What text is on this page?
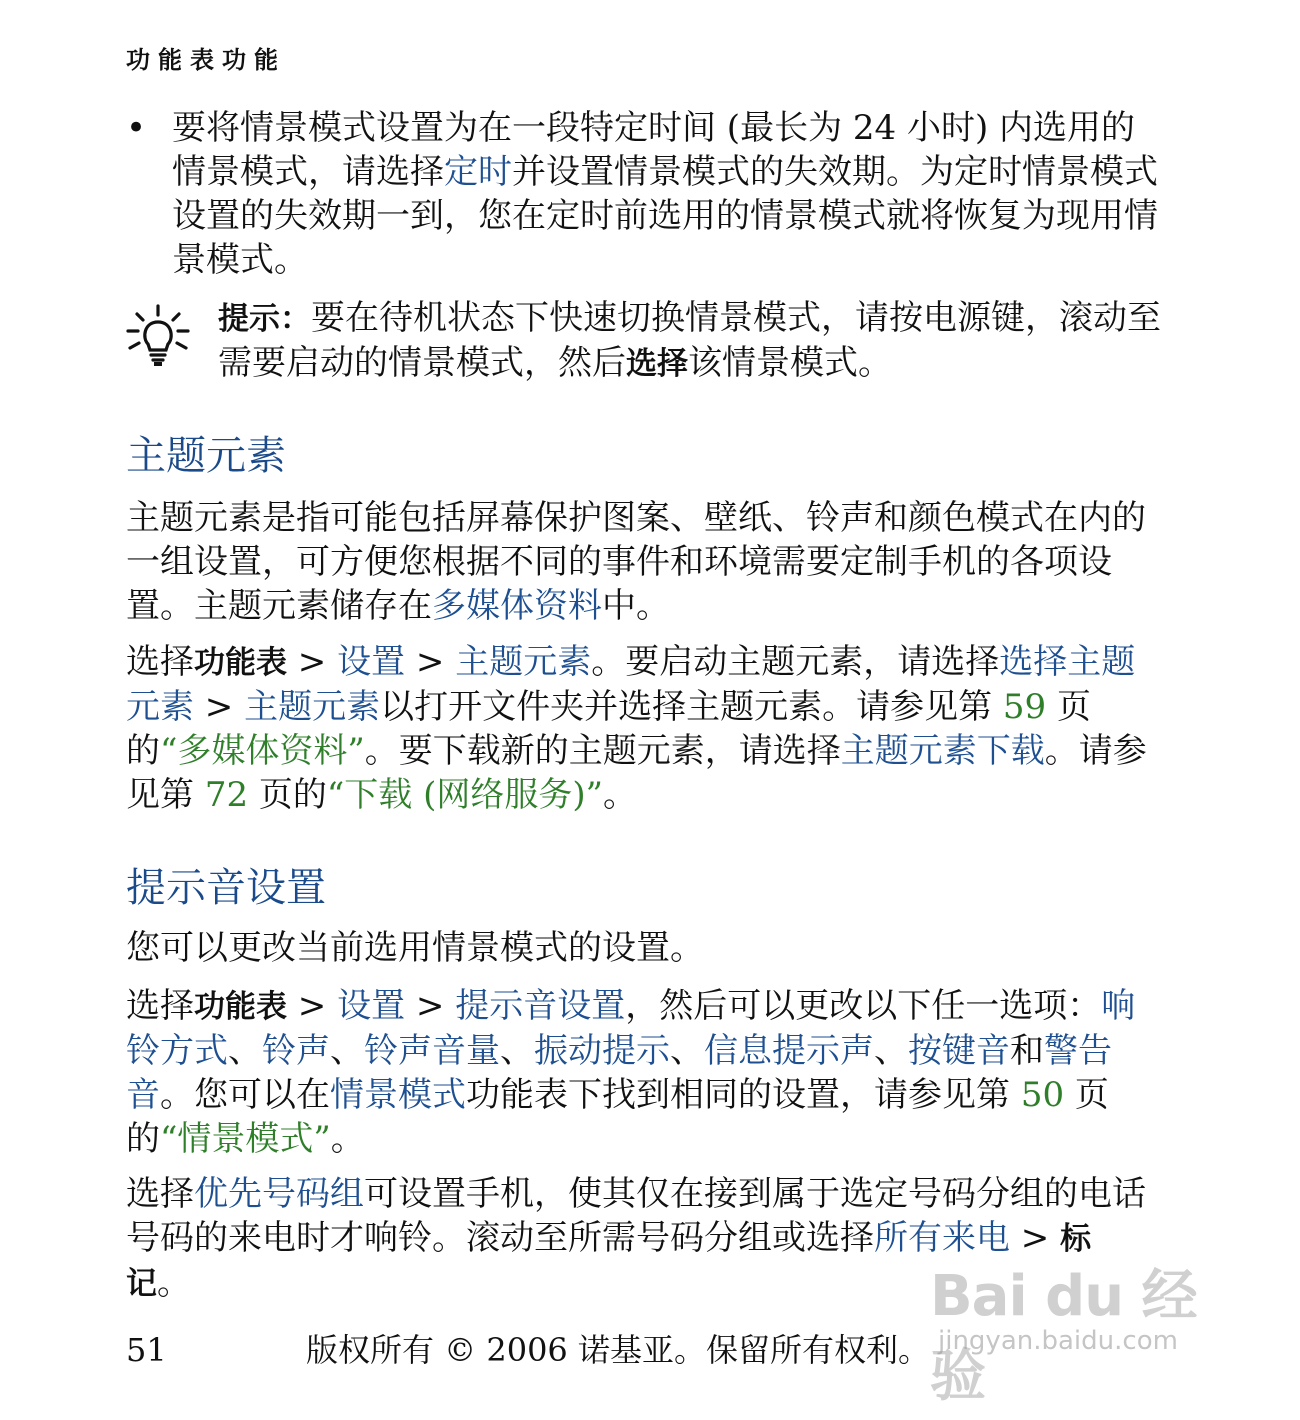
功能表功能
• 要将情景模式设置为在一段特定时间 (最长为 24 小时) 内选用的情景模式，请选择定时并设置情景模式的失效期。为定时情景模式设置的失效期一到，您在定时前选用的情景模式就将恢复为现用情景模式。
提示：要在待机状态下快速切换情景模式，请按电源键，滚动至需要启动的情景模式，然后选择该情景模式。
主题元素
主题元素是指可能包括屏幕保护图案、壁纸、铃声和颜色模式在内的一组设置，可方便您根据不同的事件和环境需要定制手机的各项设置。主题元素储存在多媒体资料中。
选择功能表 > 设置 > 主题元素。要启动主题元素，请选择选择主题元素 > 主题元素以打开文件夹并选择主题元素。请参见第 59 页的“多媒体资料”。要下载新的主题元素，请选择主题元素下载。请参见第 72 页的“下载 (网络服务)”。
提示音设置
您可以更改当前选用情景模式的设置。
选择功能表 > 设置 > 提示音设置，然后可以更改以下任一选项：响铃方式、铃声、铃声音量、振动提示、信息提示声、按键音和警告音。您可以在情景模式功能表下找到相同的设置，请参见第 50 页的“情景模式”。
选择优先号码组可设置手机，使其仅在接到属于选定号码分组的电话号码的来电时才响铃。滚动至所需号码分组或选择所有来电 > 标记。	Bai du 经验
jingyan.baidu.com
51	版权所有 © 2006 诺基亚。保留所有权利。
